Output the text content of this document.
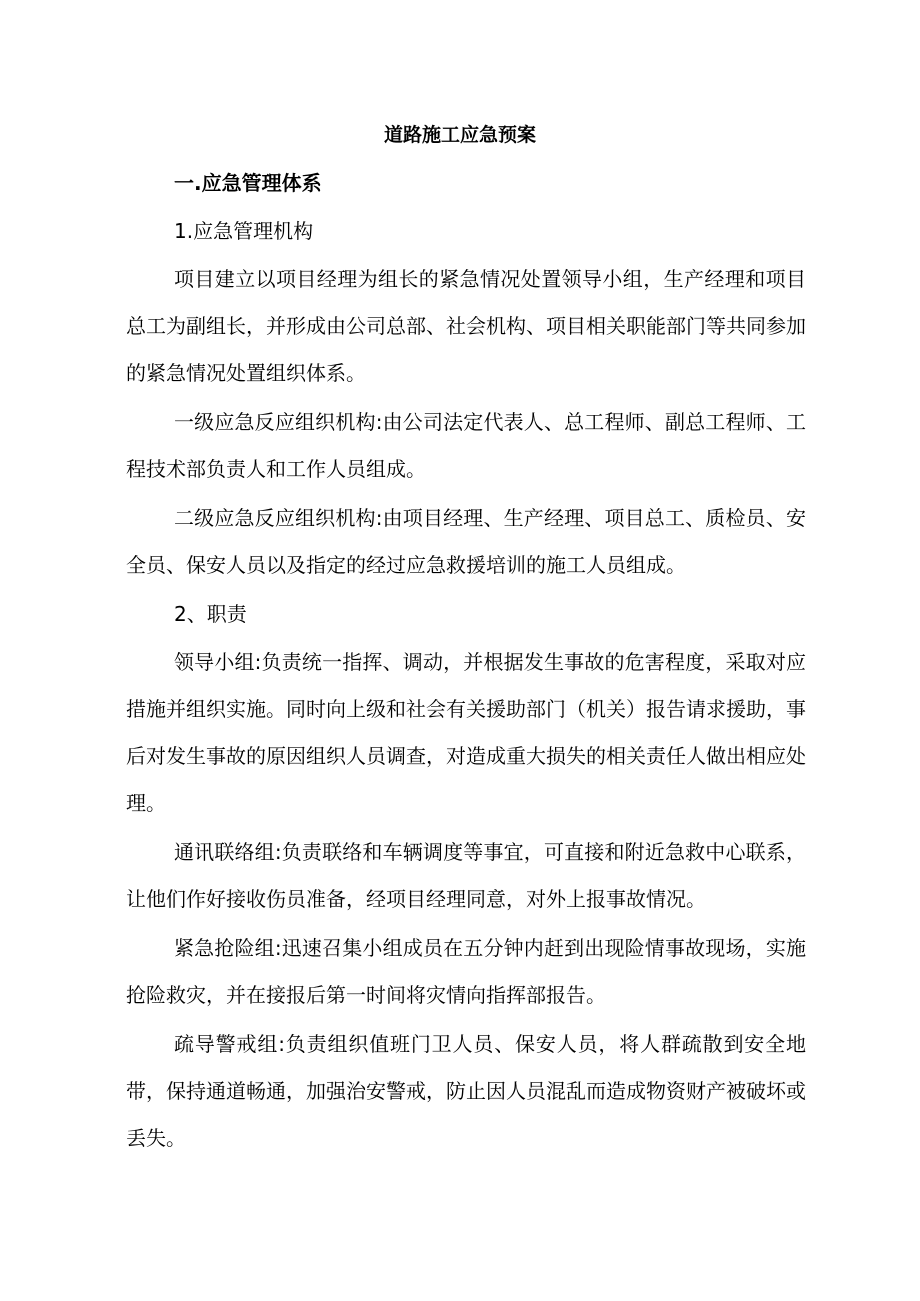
道路施工应急预案
一.应急管理体系
1.应急管理机构

项目建立以项目经理为组长的紧急情况处置领导小组，生产经理和项目总工为副组长，并形成由公司总部、社会机构、项目相关职能部门等共同参加的紧急情况处置组织体系。

一级应急反应组织机构:由公司法定代表人、总工程师、副总工程师、工程技术部负责人和工作人员组成。

二级应急反应组织机构:由项目经理、生产经理、项目总工、质检员、安全员、保安人员以及指定的经过应急救援培训的施工人员组成。

2、职责

领导小组:负责统一指挥、调动，并根据发生事故的危害程度，采取对应措施并组织实施。同时向上级和社会有关援助部门（机关）报告请求援助，事后对发生事故的原因组织人员调查，对造成重大损失的相关责任人做出相应处理。

通讯联络组:负责联络和车辆调度等事宜，可直接和附近急救中心联系，让他们作好接收伤员准备，经项目经理同意，对外上报事故情况。

紧急抢险组:迅速召集小组成员在五分钟内赶到出现险情事故现场，实施抢险救灾，并在接报后第一时间将灾情向指挥部报告。

疏导警戒组:负责组织值班门卫人员、保安人员，将人群疏散到安全地带，保持通道畅通，加强治安警戒，防止因人员混乱而造成物资财产被破坏或丢失。
